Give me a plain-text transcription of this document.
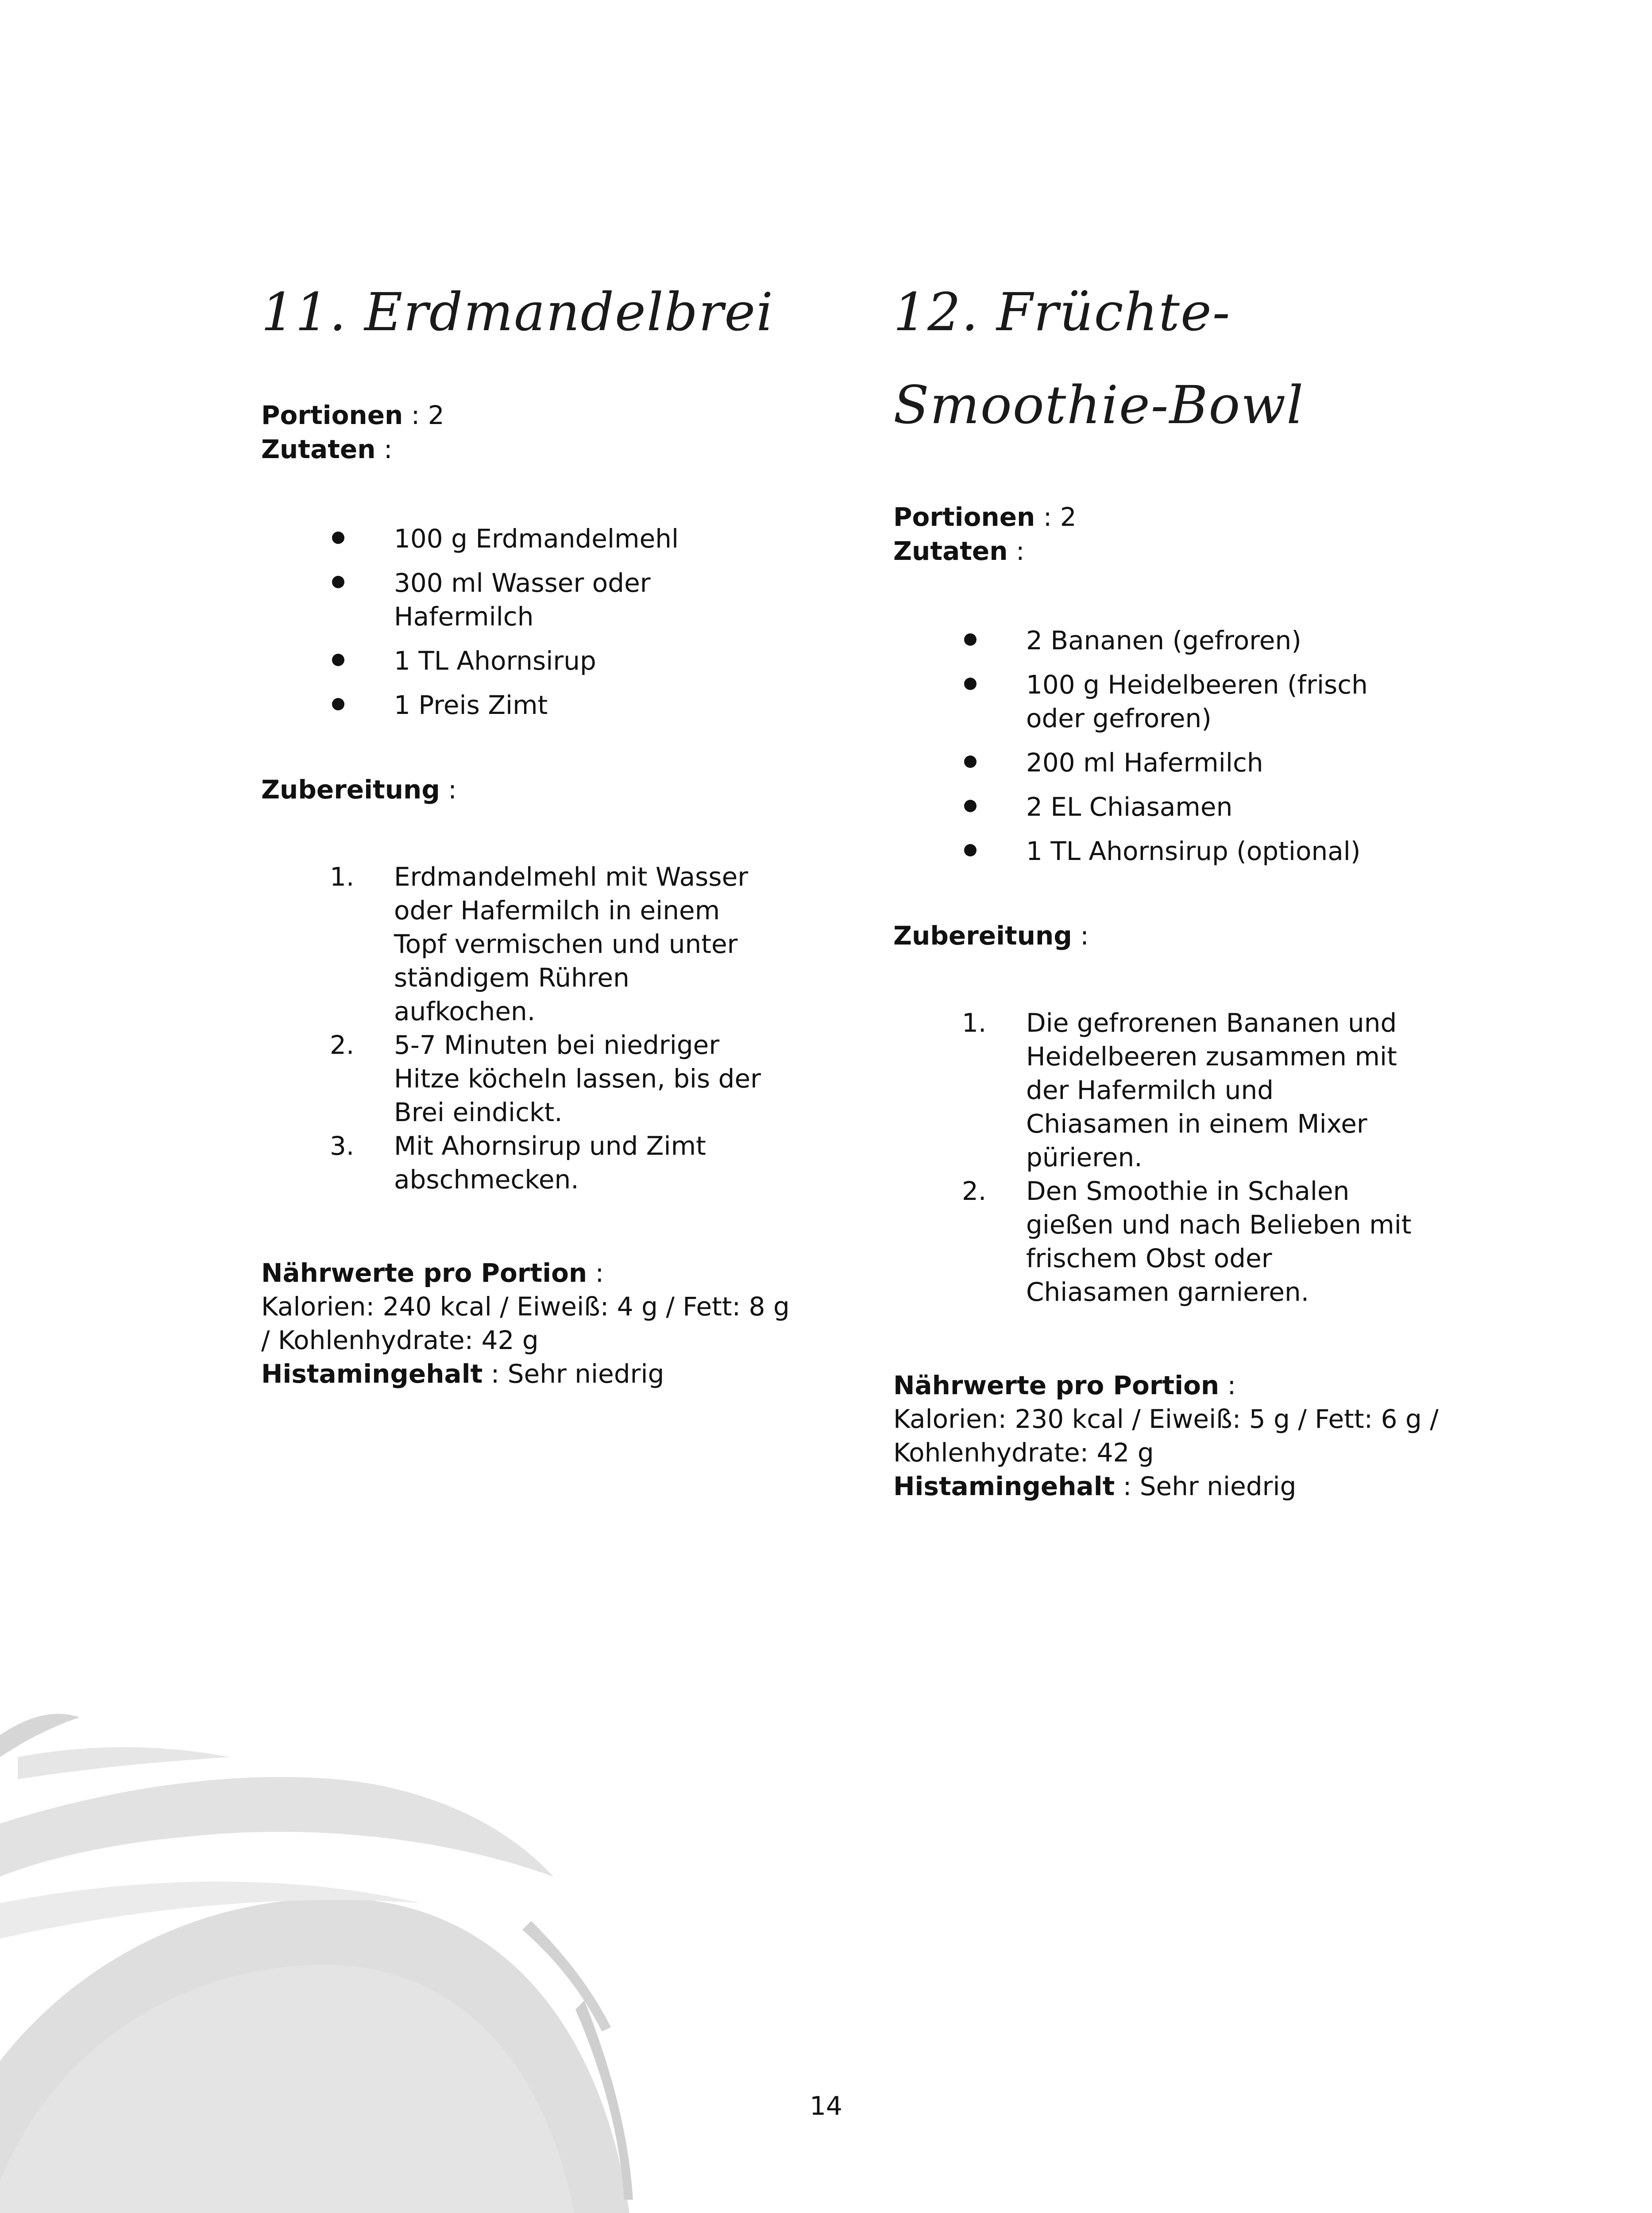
11. Erdmandelbrei

Portionen : 2

Zutaten :

100 g Erdmandelmehl
300 ml Wasser oder Hafermilch
1 TL Ahornsirup
1 Preis Zimt

Zubereitung :

1. Erdmandelmehl mit Wasser oder Hafermilch in einem Topf vermischen und unter ständigem Rühren aufkochen.
2. 5-7 Minuten bei niedriger Hitze köcheln lassen, bis der Brei eindickt.
3. Mit Ahornsirup und Zimt abschmecken.

Nährwerte pro Portion :

Kalorien: 240 kcal / Eiweiß: 4 g / Fett: 8 g / Kohlenhydrate: 42 g

Histamingehalt : Sehr niedrig

12. Früchte-Smoothie-Bowl

Portionen : 2

Zutaten :

2 Bananen (gefroren)
100 g Heidelbeeren (frisch oder gefroren)
200 ml Hafermilch
2 EL Chiasamen
1 TL Ahornsirup (optional)

Zubereitung :

1. Die gefrorenen Bananen und Heidelbeeren zusammen mit der Hafermilch und Chiasamen in einem Mixer pürieren.
2. Den Smoothie in Schalen gießen und nach Belieben mit frischem Obst oder Chiasamen garnieren.

Nährwerte pro Portion :

Kalorien: 230 kcal / Eiweiß: 5 g / Fett: 6 g / Kohlenhydrate: 42 g

Histamingehalt : Sehr niedrig

14
